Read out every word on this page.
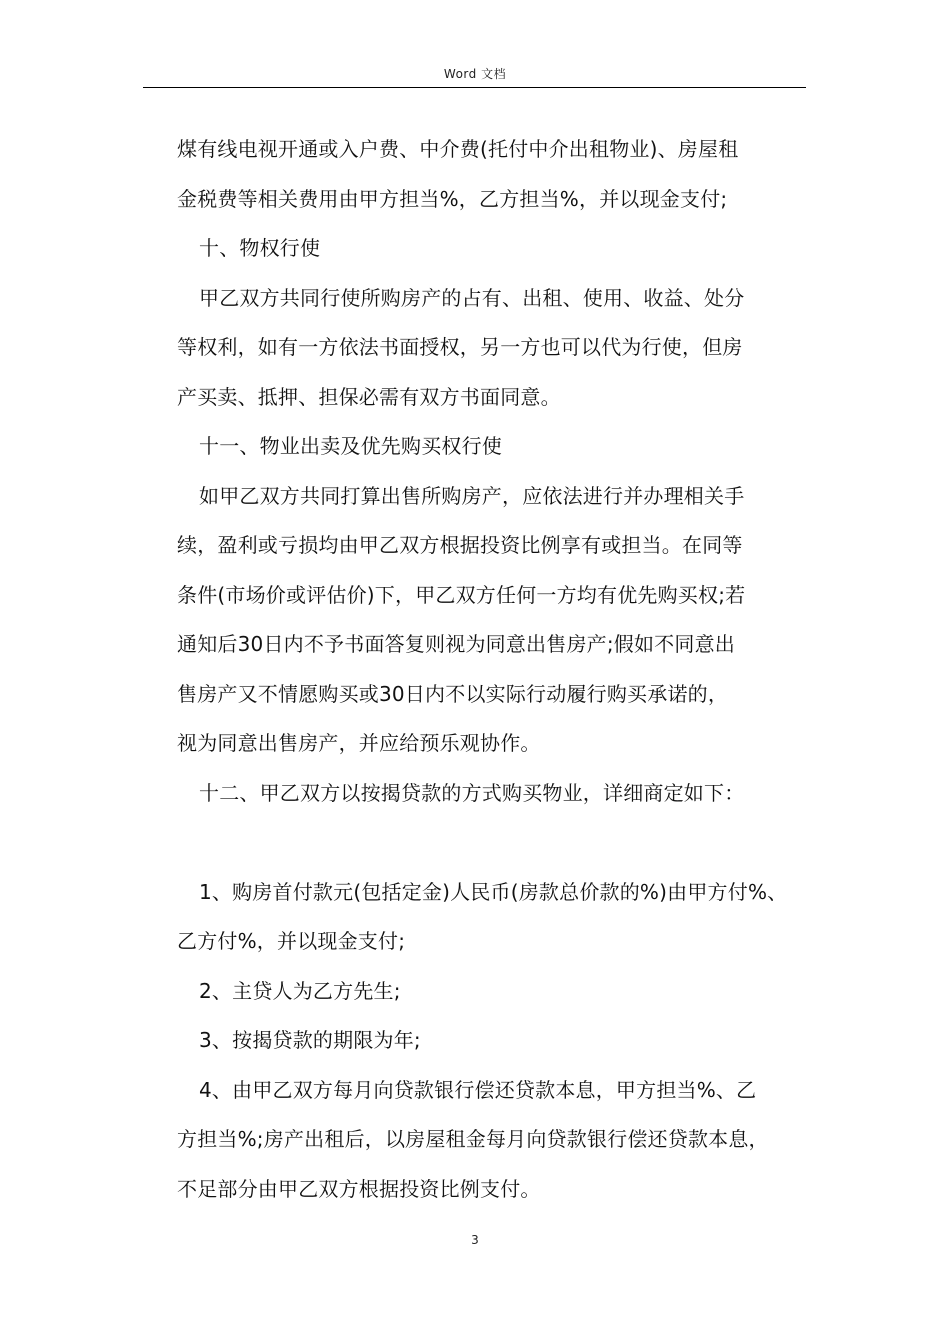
Word 文档
煤有线电视开通或入户费、中介费(托付中介出租物业)、房屋租
金税费等相关费用由甲方担当%，乙方担当%，并以现金支付;
十、物权行使
甲乙双方共同行使所购房产的占有、出租、使用、收益、处分
等权利，如有一方依法书面授权，另一方也可以代为行使，但房
产买卖、抵押、担保必需有双方书面同意。
十一、物业出卖及优先购买权行使
如甲乙双方共同打算出售所购房产，应依法进行并办理相关手
续，盈利或亏损均由甲乙双方根据投资比例享有或担当。在同等
条件(市场价或评估价)下，甲乙双方任何一方均有优先购买权;若
通知后30日内不予书面答复则视为同意出售房产;假如不同意出
售房产又不情愿购买或30日内不以实际行动履行购买承诺的，
视为同意出售房产，并应给预乐观协作。
十二、甲乙双方以按揭贷款的方式购买物业，详细商定如下：
1、购房首付款元(包括定金)人民币(房款总价款的%)由甲方付%、
乙方付%，并以现金支付;
2、主贷人为乙方先生;
3、按揭贷款的期限为年;
4、由甲乙双方每月向贷款银行偿还贷款本息，甲方担当%、乙
方担当%;房产出租后，以房屋租金每月向贷款银行偿还贷款本息，
不足部分由甲乙双方根据投资比例支付。
3
